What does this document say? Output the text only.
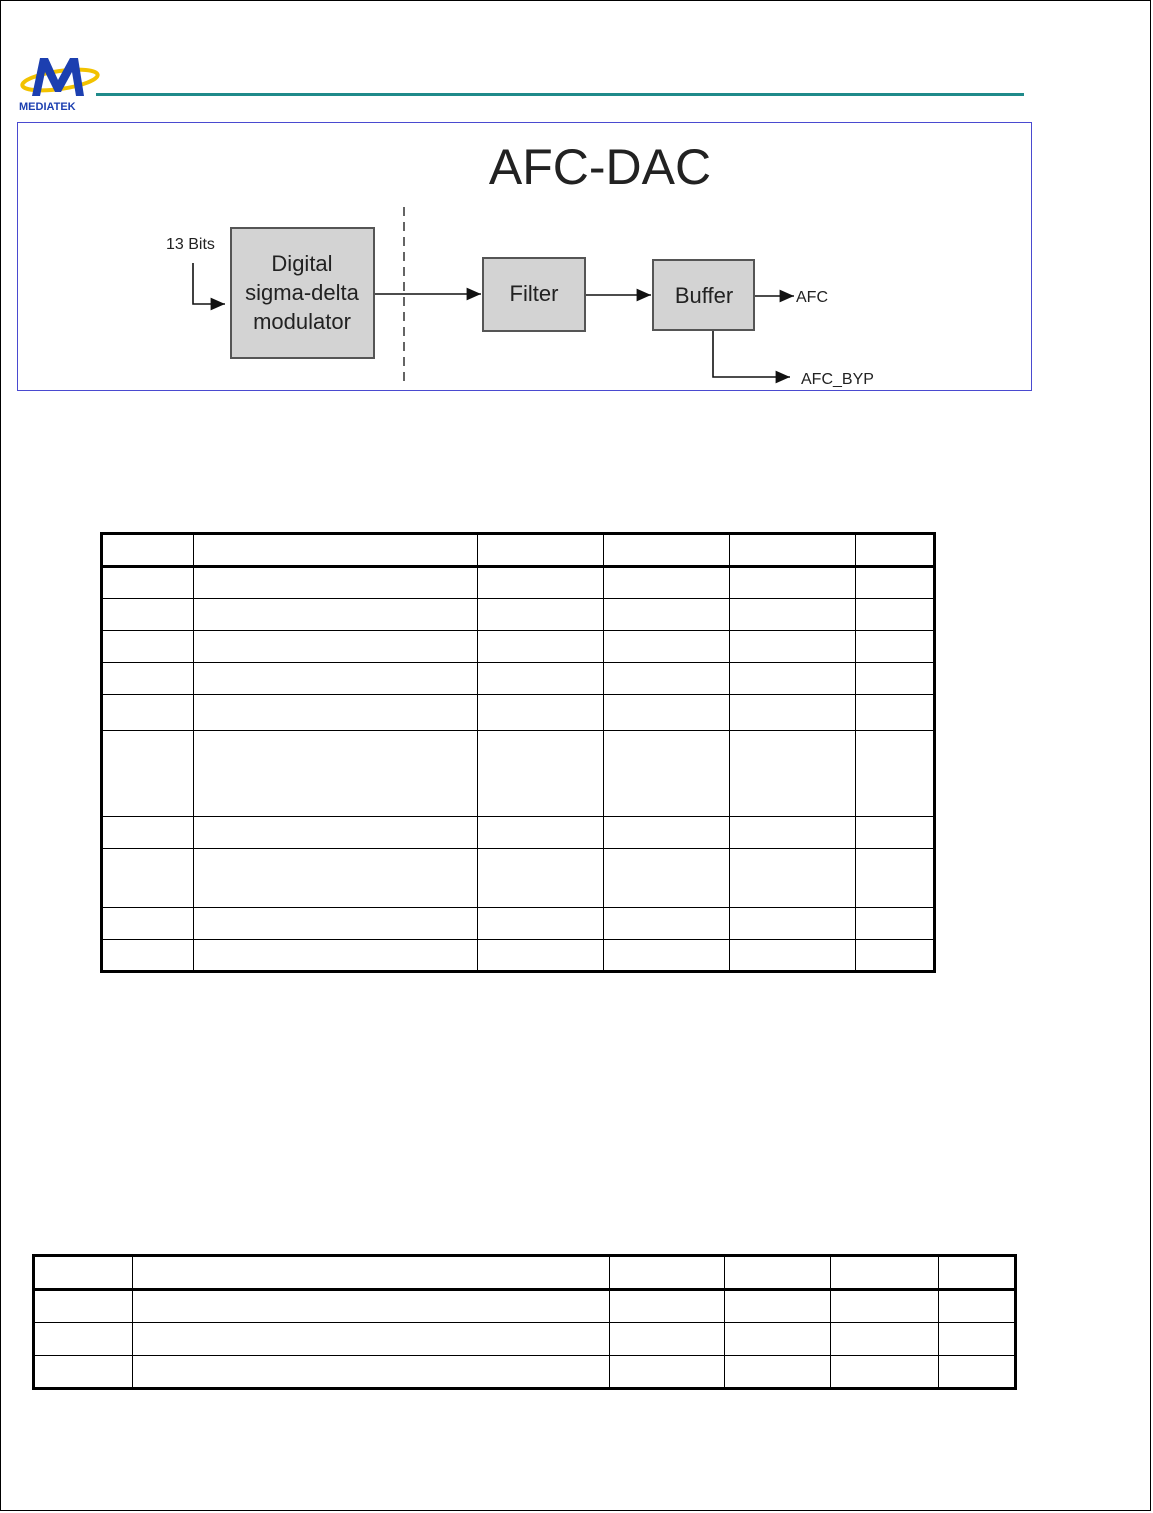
MEDIATEK
AFC-DAC
13 Bits
Digital
sigma-delta
modulator
Filter	Buffer	AFC
AFC_BYP
